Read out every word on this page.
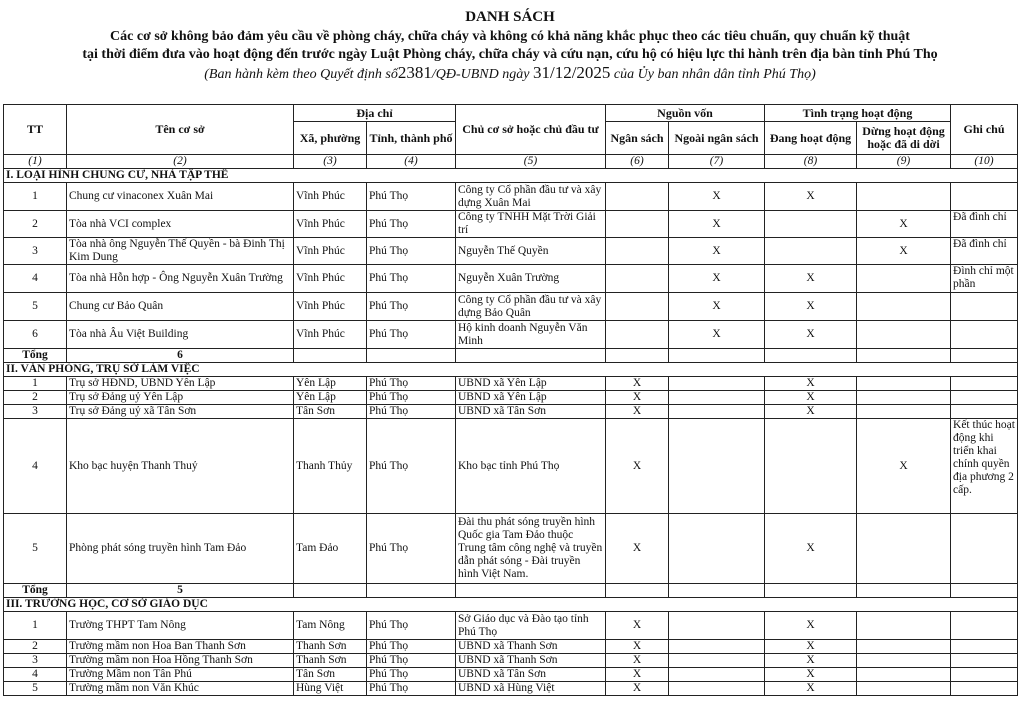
DANH SÁCH
Các cơ sở không bảo đảm yêu cầu về phòng cháy, chữa cháy và không có khả năng khắc phục theo các tiêu chuẩn, quy chuẩn kỹ thuật
tại thời điểm đưa vào hoạt động đến trước ngày Luật Phòng cháy, chữa cháy và cứu nạn, cứu hộ có hiệu lực thi hành trên địa bàn tỉnh Phú Thọ
(Ban hành kèm theo Quyết định số2381/QĐ-UBND ngày 31/12/2025 của Ủy ban nhân dân tỉnh Phú Thọ)
TT	Tên cơ sở	Địa chỉ		Chủ cơ sở hoặc chủ đầu tư	Nguồn vốn		Tình trạng hoạt động		Ghi chú
		Xã, phường	Tỉnh, thành phố		Ngân sách	Ngoài ngân sách	Đang hoạt động	Dừng hoạt động hoặc đã di dời	
(1)	(2)	(3)	(4)	(5)	(6)	(7)	(8)	(9)	(10)
I. LOẠI HÌNH CHUNG CƯ, NHÀ TẬP THỂ									
1	Chung cư vinaconex Xuân Mai	Vĩnh Phúc	Phú Thọ	Công ty Cổ phần đầu tư và xây dựng Xuân Mai		X	X		
2	Tòa nhà VCI complex	Vĩnh Phúc	Phú Thọ	Công ty TNHH Mặt Trời Giải trí		X		X	Đã đình chỉ
3	Tòa nhà ông Nguyễn Thế Quyền - bà Đinh Thị Kim Dung	Vĩnh Phúc	Phú Thọ	Nguyễn Thế Quyền		X		X	Đã đình chỉ
4	Tòa nhà Hỗn hợp - Ông Nguyễn Xuân Trường	Vĩnh Phúc	Phú Thọ	Nguyễn Xuân Trường		X	X		Đình chỉ một phần
5	Chung cư Bảo Quân	Vĩnh Phúc	Phú Thọ	Công ty Cổ phần đầu tư và xây dựng Bảo Quân		X	X		
6	Tòa nhà Âu Việt Building	Vĩnh Phúc	Phú Thọ	Hộ kinh doanh Nguyễn Văn Minh		X	X		
Tổng	6								
II. VĂN PHÒNG, TRỤ SỞ LÀM VIỆC									
1	Trụ sở HĐND, UBND Yên Lập	Yên Lập	Phú Thọ	UBND xã Yên Lập	X		X		
2	Trụ sở Đảng uỷ Yên Lập	Yên Lập	Phú Thọ	UBND xã Yên Lập	X		X		
3	Trụ sở Đảng uỷ xã Tân Sơn	Tân Sơn	Phú Thọ	UBND xã Tân Sơn	X		X		
4	Kho bạc huyện Thanh Thuỷ	Thanh Thủy	Phú Thọ	Kho bạc tỉnh Phú Thọ	X			X	Kết thúc hoạt động khi triển khai chính quyền địa phương 2 cấp.
5	Phòng phát sóng truyền hình Tam Đảo	Tam Đảo	Phú Thọ	Đài thu phát sóng truyền hình Quốc gia Tam Đảo thuộc Trung tâm công nghệ và truyền dẫn phát sóng - Đài truyền hình Việt Nam.	X		X		
Tổng	5								
III. TRƯỜNG HỌC, CƠ SỞ GIÁO DỤC									
1	Trường THPT Tam Nông	Tam Nông	Phú Thọ	Sở Giáo dục và Đào tạo tỉnh Phú Thọ	X		X		
2	Trường mầm non Hoa Ban Thanh Sơn	Thanh Sơn	Phú Thọ	UBND xã Thanh Sơn	X		X		
3	Trường mầm non Hoa Hồng Thanh Sơn	Thanh Sơn	Phú Thọ	UBND xã Thanh Sơn	X		X		
4	Trường Mầm non Tân Phú	Tân Sơn	Phú Thọ	UBND xã Tân Sơn	X		X		
5	Trường mầm non Văn Khúc	Hùng Việt	Phú Thọ	UBND xã Hùng Việt	X		X		
